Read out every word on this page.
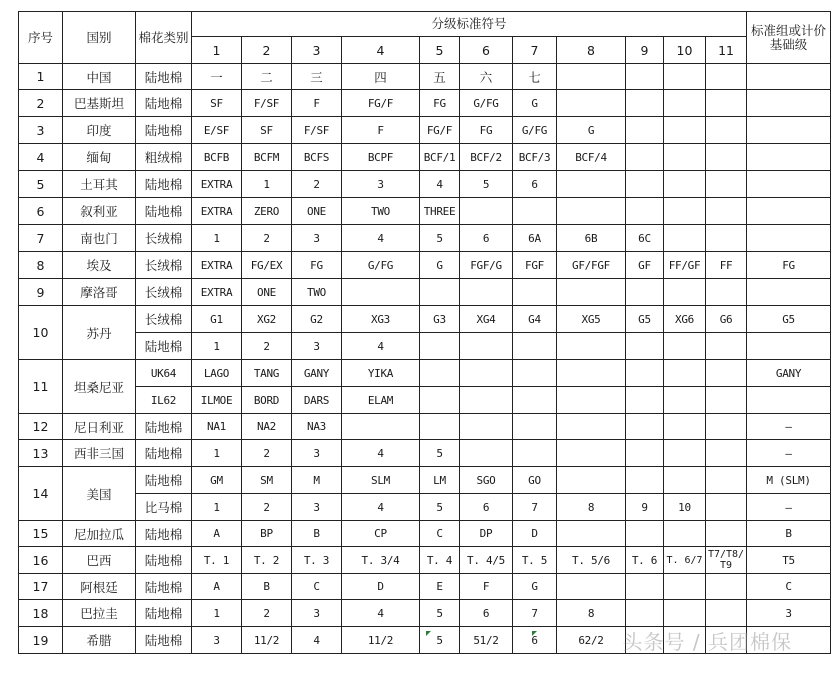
序号	国别	棉花类别	分级标准符号											标准组或计价基础级
			1	2	3	4	5	6	7	8	9	10	11	
1	中国	陆地棉	一	二	三	四	五	六	七					
2	巴基斯坦	陆地棉	SF	F/SF	F	FG/F	FG	G/FG	G					
3	印度	陆地棉	E/SF	SF	F/SF	F	FG/F	FG	G/FG	G				
4	缅甸	粗绒棉	BCFB	BCFM	BCFS	BCPF	BCF/1	BCF/2	BCF/3	BCF/4				
5	土耳其	陆地棉	EXTRA	1	2	3	4	5	6					
6	叙利亚	陆地棉	EXTRA	ZERO	ONE	TWO	THREE							
7	南也门	长绒棉	1	2	3	4	5	6	6A	6B	6C			
8	埃及	长绒棉	EXTRA	FG/EX	FG	G/FG	G	FGF/G	FGF	GF/FGF	GF	FF/GF	FF	FG
9	摩洛哥	长绒棉	EXTRA	ONE	TWO									
10	苏丹	长绒棉	G1	XG2	G2	XG3	G3	XG4	G4	XG5	G5	XG6	G6	G5
		陆地棉	1	2	3	4								
11	坦桑尼亚	UK64	LAGO	TANG	GANY	YIKA								GANY
		IL62	ILMOE	BORD	DARS	ELAM								
12	尼日利亚	陆地棉	NA1	NA2	NA3									—
13	西非三国	陆地棉	1	2	3	4	5							—
14	美国	陆地棉	GM	SM	M	SLM	LM	SGO	GO					M (SLM)
		比马棉	1	2	3	4	5	6	7	8	9	10		—
15	尼加拉瓜	陆地棉	A	BP	B	CP	C	DP	D					B
16	巴西	陆地棉	T. 1	T. 2	T. 3	T. 3/4	T. 4	T. 4/5	T. 5	T. 5/6	T. 6	T. 6/7	T7/T8/T9	T5
17	阿根廷	陆地棉	A	B	C	D	E	F	G					C
18	巴拉圭	陆地棉	1	2	3	4	5	6	7	8				3
19	希腊	陆地棉	3	11/2	4	11/2	5	51/2	6	62/2				头条号 / 兵团棉保
